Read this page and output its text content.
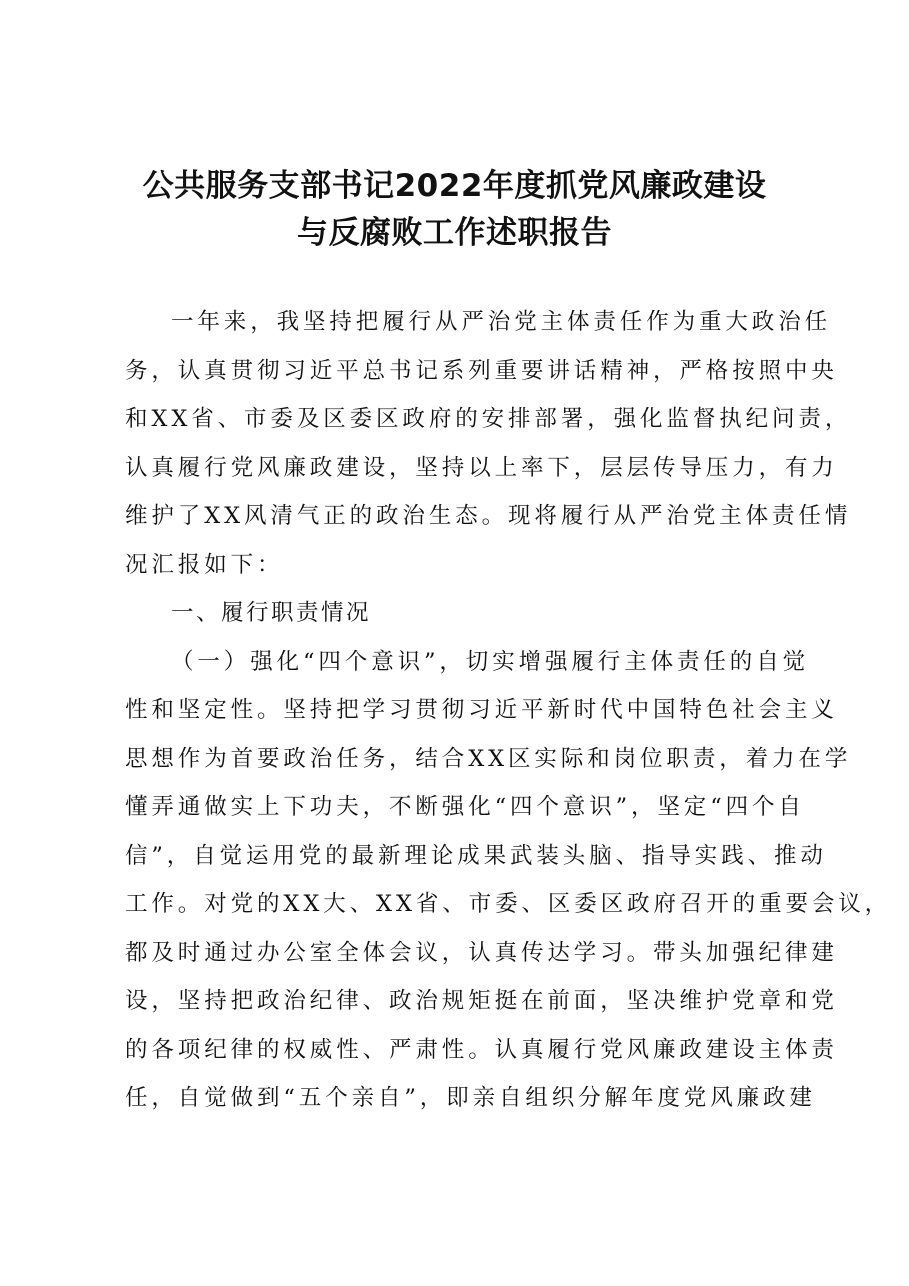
公共服务支部书记2022年度抓党风廉政建设
与反腐败工作述职报告
一年来，我坚持把履行从严治党主体责任作为重大政治任
务，认真贯彻习近平总书记系列重要讲话精神，严格按照中央
和XX省、市委及区委区政府的安排部署，强化监督执纪问责，
认真履行党风廉政建设，坚持以上率下，层层传导压力，有力
维护了XX风清气正的政治生态。现将履行从严治党主体责任情
况汇报如下：
一、履行职责情况
（一）强化“四个意识”，切实增强履行主体责任的自觉
性和坚定性。坚持把学习贯彻习近平新时代中国特色社会主义
思想作为首要政治任务，结合XX区实际和岗位职责，着力在学
懂弄通做实上下功夫，不断强化“四个意识”，坚定“四个自
信”，自觉运用党的最新理论成果武装头脑、指导实践、推动
工作。对党的XX大、XX省、市委、区委区政府召开的重要会议，
都及时通过办公室全体会议，认真传达学习。带头加强纪律建
设，坚持把政治纪律、政治规矩挺在前面，坚决维护党章和党
的各项纪律的权威性、严肃性。认真履行党风廉政建设主体责
任，自觉做到“五个亲自”，即亲自组织分解年度党风廉政建
